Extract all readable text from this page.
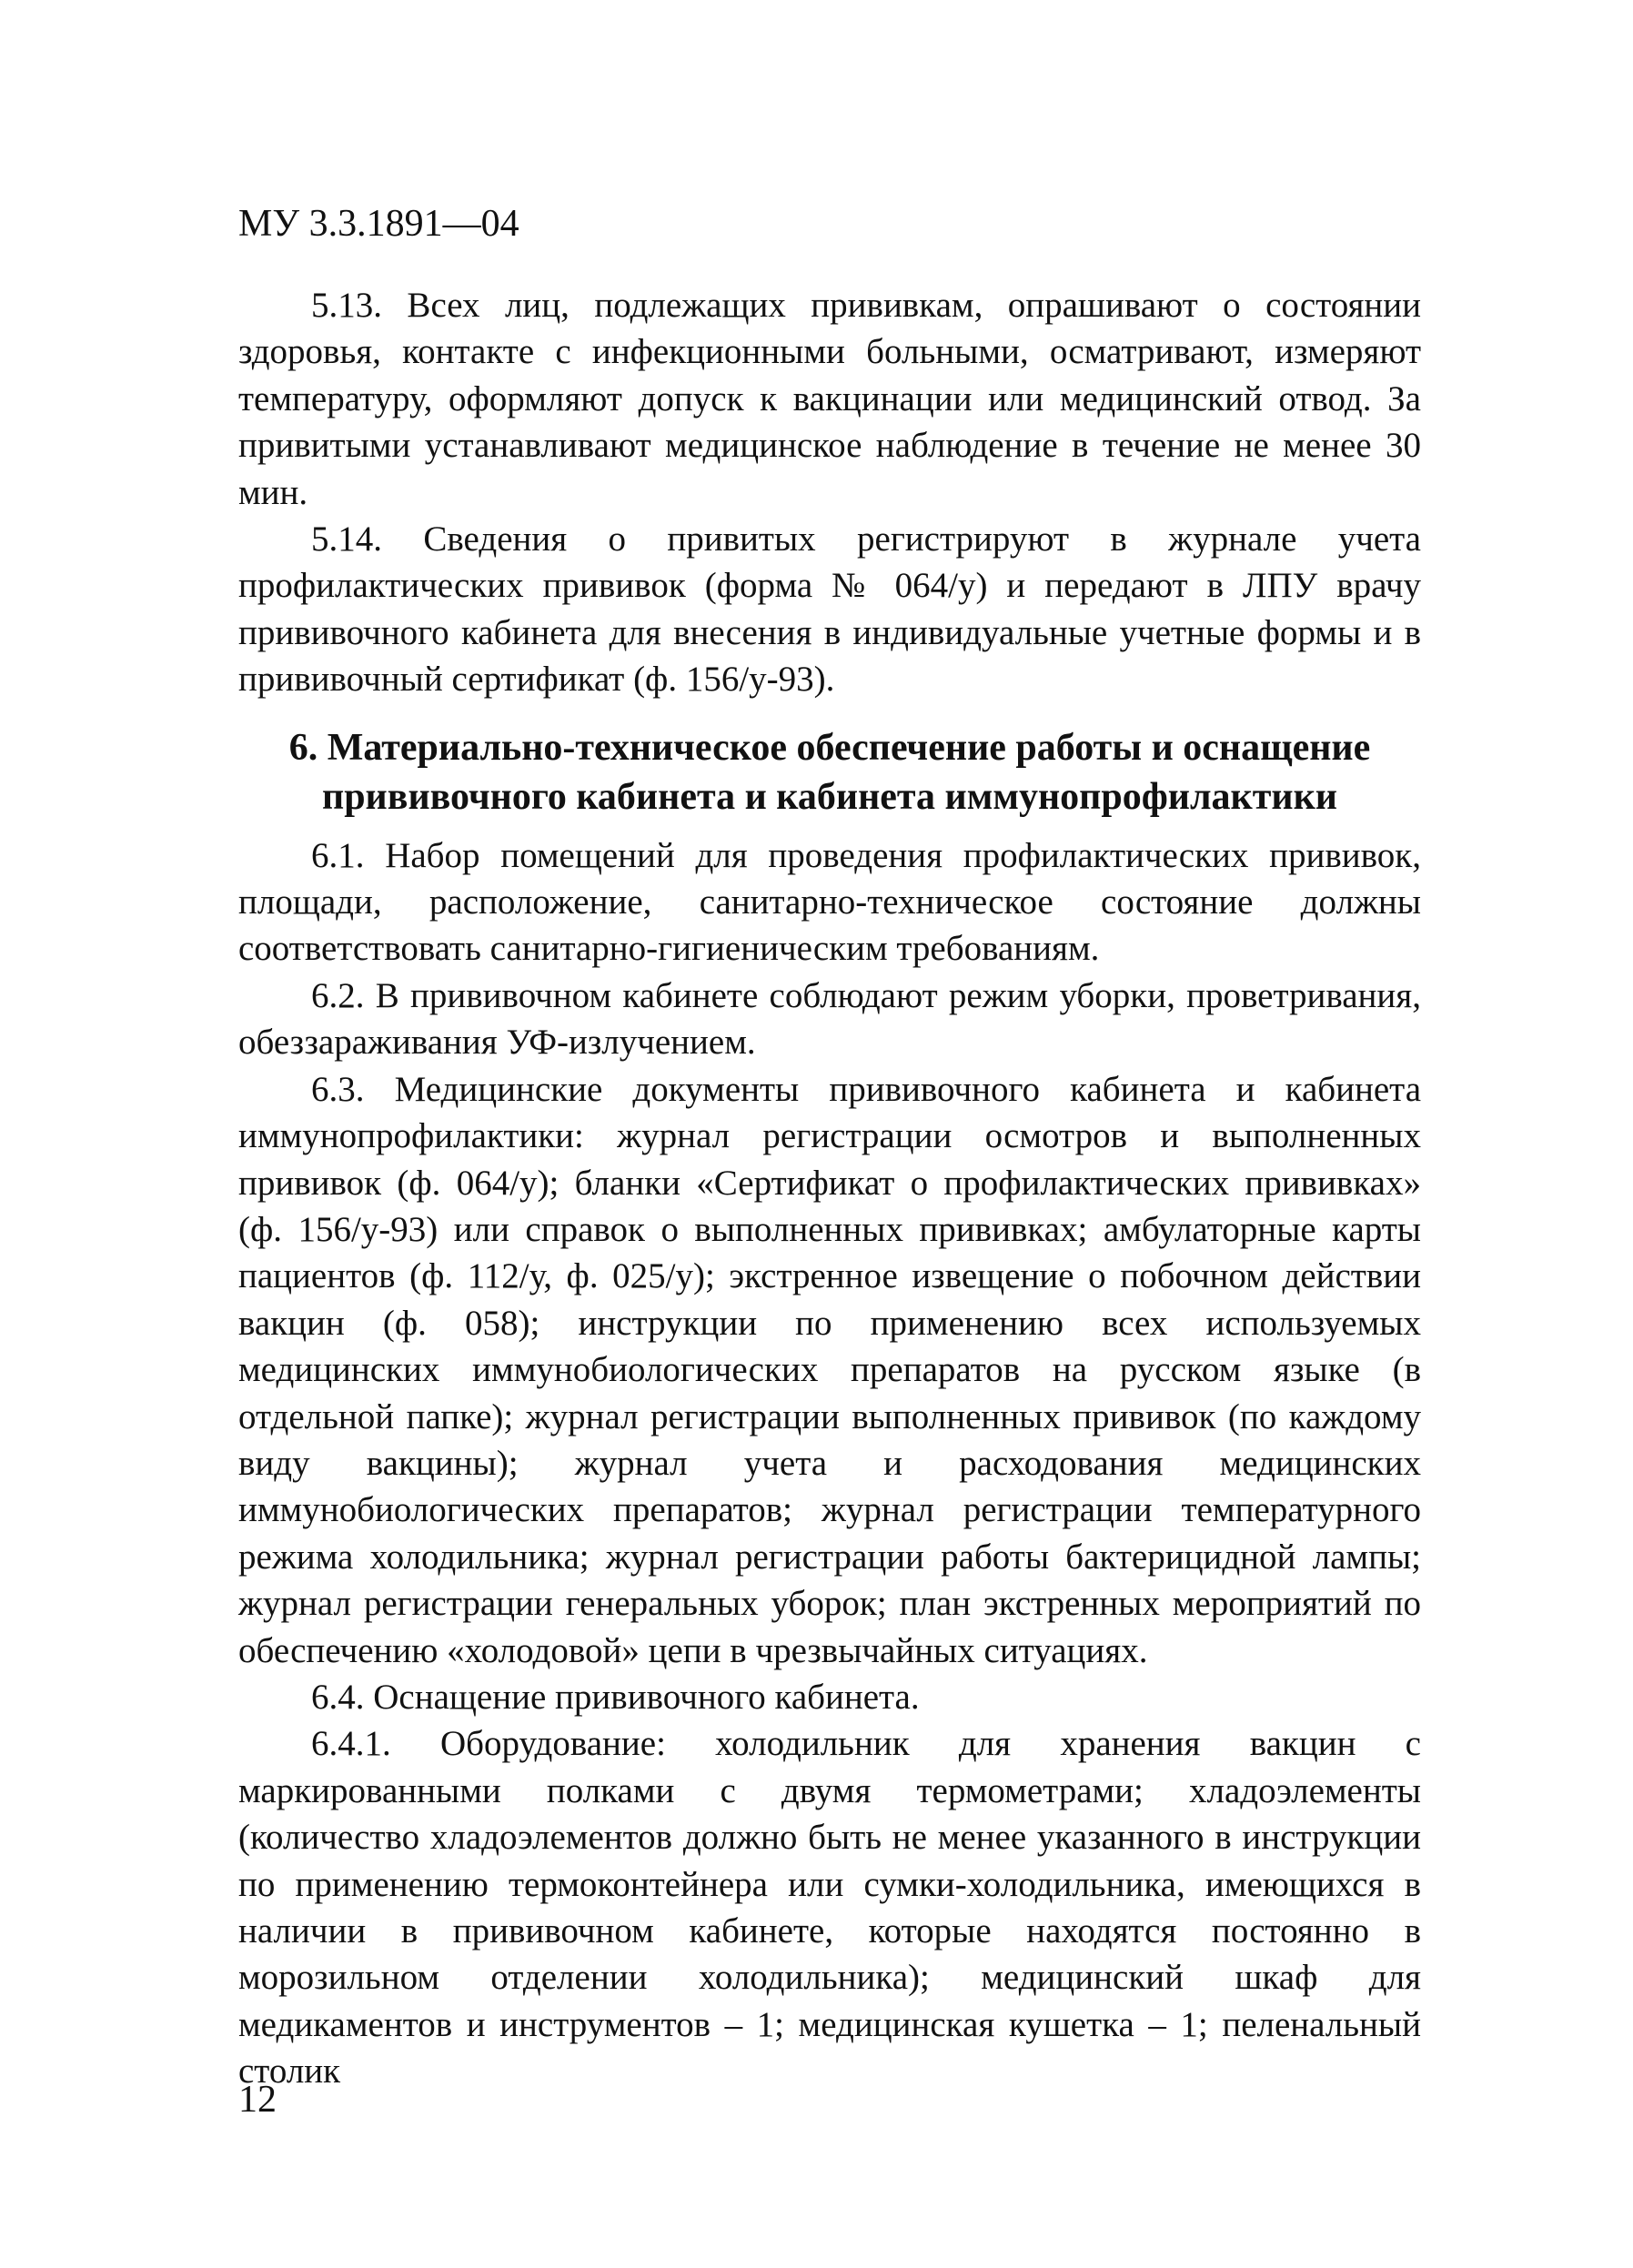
МУ 3.3.1891—04

5.13. Всех лиц, подлежащих прививкам, опрашивают о состоянии здоровья, контакте с инфекционными больными, осматривают, измеряют температуру, оформляют допуск к вакцинации или медицинский отвод. За привитыми устанавливают медицинское наблюдение в течение не менее 30 мин.

5.14. Сведения о привитых регистрируют в журнале учета профилактических прививок (форма № 064/у) и передают в ЛПУ врачу прививочного кабинета для внесения в индивидуальные учетные формы и в прививочный сертификат (ф. 156/у-93).

6. Материально-техническое обеспечение работы и оснащение прививочного кабинета и кабинета иммунопрофилактики

6.1. Набор помещений для проведения профилактических прививок, площади, расположение, санитарно-техническое состояние должны соответствовать санитарно-гигиеническим требованиям.

6.2. В прививочном кабинете соблюдают режим уборки, проветривания, обеззараживания УФ-излучением.

6.3. Медицинские документы прививочного кабинета и кабинета иммунопрофилактики: журнал регистрации осмотров и выполненных прививок (ф. 064/у); бланки «Сертификат о профилактических прививках» (ф. 156/у-93) или справок о выполненных прививках; амбулаторные карты пациентов (ф. 112/у, ф. 025/у); экстренное извещение о побочном действии вакцин (ф. 058); инструкции по применению всех используемых медицинских иммунобиологических препаратов на русском языке (в отдельной папке); журнал регистрации выполненных прививок (по каждому виду вакцины); журнал учета и расходования медицинских иммунобиологических препаратов; журнал регистрации температурного режима холодильника; журнал регистрации работы бактерицидной лампы; журнал регистрации генеральных уборок; план экстренных мероприятий по обеспечению «холодовой» цепи в чрезвычайных ситуациях.

6.4. Оснащение прививочного кабинета.

6.4.1. Оборудование: холодильник для хранения вакцин с маркированными полками с двумя термометрами; хладоэлементы (количество хладоэлементов должно быть не менее указанного в инструкции по применению термоконтейнера или сумки-холодильника, имеющихся в наличии в прививочном кабинете, которые находятся постоянно в морозильном отделении холодильника); медицинский шкаф для медикаментов и инструментов – 1; медицинская кушетка – 1; пеленальный столик

12
